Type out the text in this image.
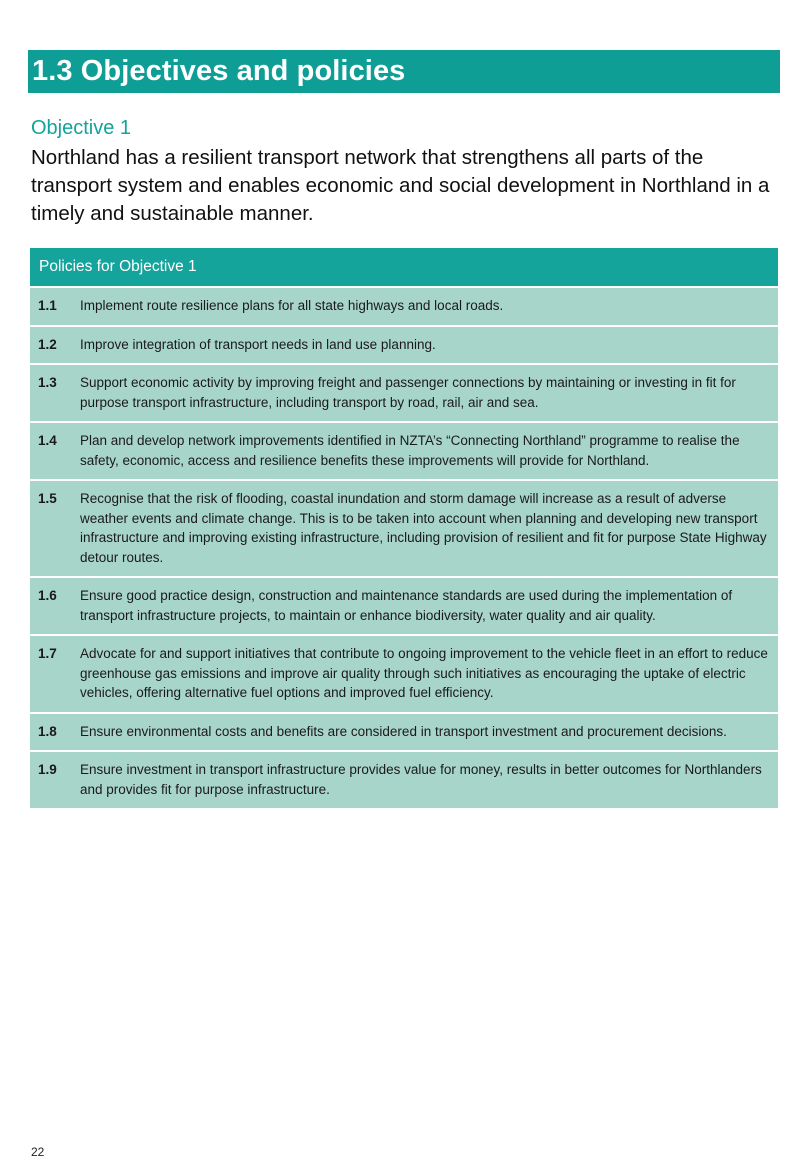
1.3 Objectives and policies
Objective 1
Northland has a resilient transport network that strengthens all parts of the transport system and enables economic and social development in Northland in a timely and sustainable manner.
Policies for Objective 1
1.1	Implement route resilience plans for all state highways and local roads.
1.2	Improve integration of transport needs in land use planning.
1.3	Support economic activity by improving freight and passenger connections by maintaining or investing in fit for purpose transport infrastructure, including transport by road, rail, air and sea.
1.4	Plan and develop network improvements identified in NZTA’s “Connecting Northland” programme to realise the safety, economic, access and resilience benefits these improvements will provide for Northland.
1.5	Recognise that the risk of flooding, coastal inundation and storm damage will increase as a result of adverse weather events and climate change. This is to be taken into account when planning and developing new transport infrastructure and improving existing infrastructure, including provision of resilient and fit for purpose State Highway detour routes.
1.6	Ensure good practice design, construction and maintenance standards are used during the implementation of transport infrastructure projects, to maintain or enhance biodiversity, water quality and air quality.
1.7	Advocate for and support initiatives that contribute to ongoing improvement to the vehicle fleet in an effort to reduce greenhouse gas emissions and improve air quality through such initiatives as encouraging the uptake of electric vehicles, offering alternative fuel options and improved fuel efficiency.
1.8	Ensure environmental costs and benefits are considered in transport investment and procurement decisions.
1.9	Ensure investment in transport infrastructure provides value for money, results in better outcomes for Northlanders and provides fit for purpose infrastructure.
22
